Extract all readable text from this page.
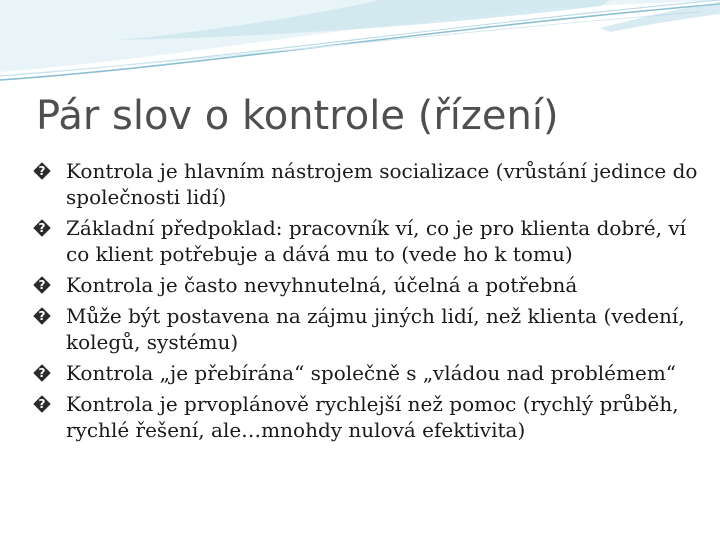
Pár slov o kontrole (řízení)
? ? Kontrola je hlavním nástrojem socializace (vrůstání jedince do společnosti lidí)
? ? Základní předpoklad: pracovník ví, co je pro klienta dobré, ví co klient potřebuje a dává mu to (vede ho k tomu)
? ? Kontrola je často nevyhnutelná, účelná a potřebná
? ? Může být postavena na zájmu jiných lidí, než klienta (vedení, kolegů, systému)
? ? Kontrola „je přebírána“ společně s „vládou nad problémem“
? ? Kontrola je prvoplánově rychlejší než pomoc (rychlý průběh, rychlé řešení, ale…mnohdy nulová efektivita)
